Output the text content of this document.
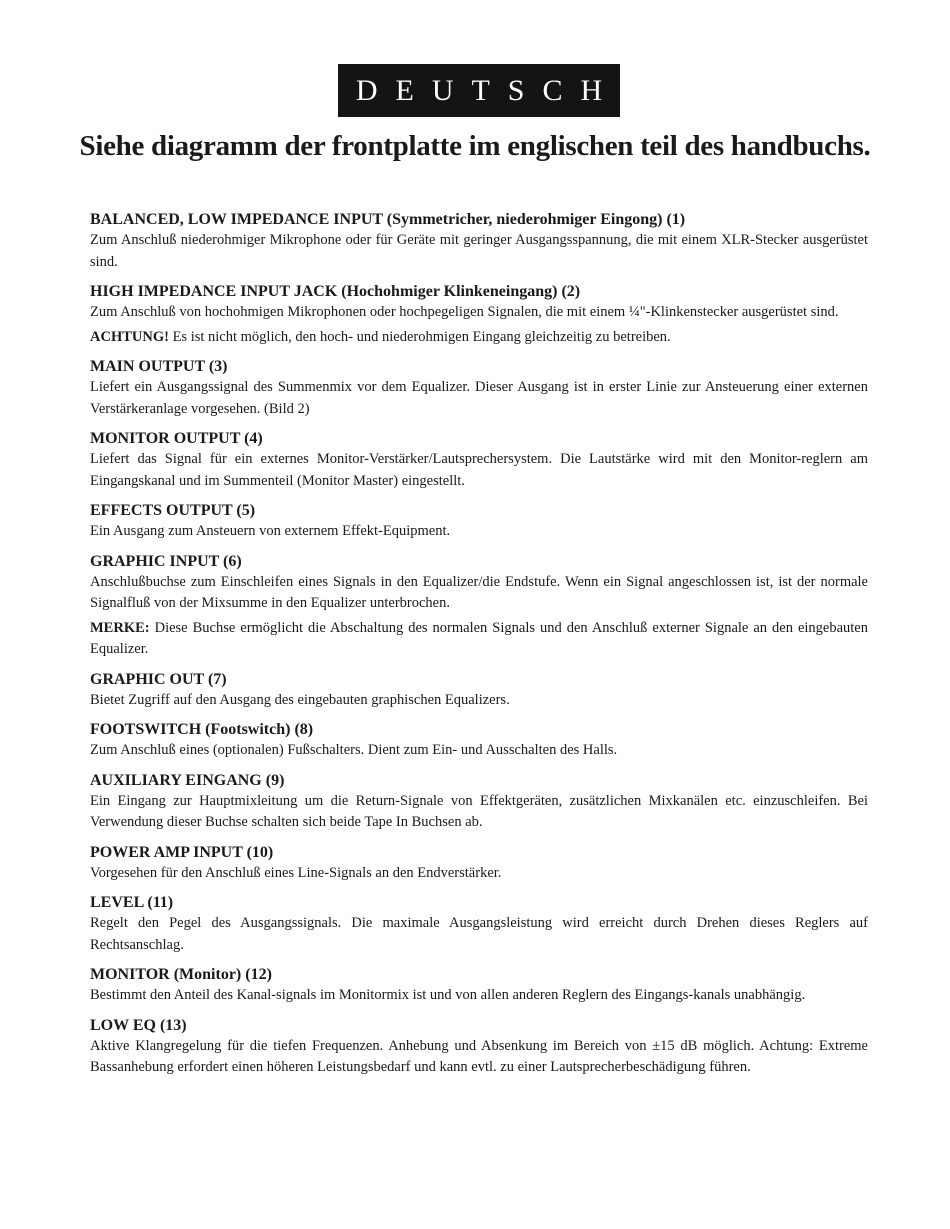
DEUTSCH
Siehe diagramm der frontplatte im englischen teil des handbuchs.
BALANCED, LOW IMPEDANCE INPUT (Symmetricher, niederohmiger Eingong) (1)
Zum Anschluß niederohmiger Mikrophone oder für Geräte mit geringer Ausgangsspannung, die mit einem XLR-Stecker ausgerüstet sind.
HIGH IMPEDANCE INPUT JACK (Hochohmiger Klinkeneingang) (2)
Zum Anschluß von hochohmigen Mikrophonen oder hochpegeligen Signalen, die mit einem ¼"-Klinkenstecker ausgerüstet sind.
ACHTUNG! Es ist nicht möglich, den hoch- und niederohmigen Eingang gleichzeitig zu betreiben.
MAIN OUTPUT (3)
Liefert ein Ausgangssignal des Summenmix vor dem Equalizer. Dieser Ausgang ist in erster Linie zur Ansteuerung einer externen Verstärkeranlage vorgesehen. (Bild 2)
MONITOR OUTPUT (4)
Liefert das Signal für ein externes Monitor-Verstärker/Lautsprechersystem. Die Lautstärke wird mit den Monitor-reglern am Eingangskanal und im Summenteil (Monitor Master) eingestellt.
EFFECTS OUTPUT (5)
Ein Ausgang zum Ansteuern von externem Effekt-Equipment.
GRAPHIC INPUT (6)
Anschlußbuchse zum Einschleifen eines Signals in den Equalizer/die Endstufe. Wenn ein Signal angeschlossen ist, ist der normale Signalfluß von der Mixsumme in den Equalizer unterbrochen.
MERKE: Diese Buchse ermöglicht die Abschaltung des normalen Signals und den Anschluß externer Signale an den eingebauten Equalizer.
GRAPHIC OUT (7)
Bietet Zugriff auf den Ausgang des eingebauten graphischen Equalizers.
FOOTSWITCH (Footswitch) (8)
Zum Anschluß eines (optionalen) Fußschalters. Dient zum Ein- und Ausschalten des Halls.
AUXILIARY EINGANG (9)
Ein Eingang zur Hauptmixleitung um die Return-Signale von Effektgeräten, zusätzlichen Mixkanälen etc. einzuschleifen. Bei Verwendung dieser Buchse schalten sich beide Tape In Buchsen ab.
POWER AMP INPUT (10)
Vorgesehen für den Anschluß eines Line-Signals an den Endverstärker.
LEVEL (11)
Regelt den Pegel des Ausgangssignals. Die maximale Ausgangsleistung wird erreicht durch Drehen dieses Reglers auf Rechtsanschlag.
MONITOR (Monitor) (12)
Bestimmt den Anteil des Kanal-signals im Monitormix ist und von allen anderen Reglern des Eingangs-kanals unabhängig.
LOW EQ (13)
Aktive Klangregelung für die tiefen Frequenzen. Anhebung und Absenkung im Bereich von ±15 dB möglich. Achtung: Extreme Bassanhebung erfordert einen höheren Leistungsbedarf und kann evtl. zu einer Lautsprecherbeschädigung führen.
